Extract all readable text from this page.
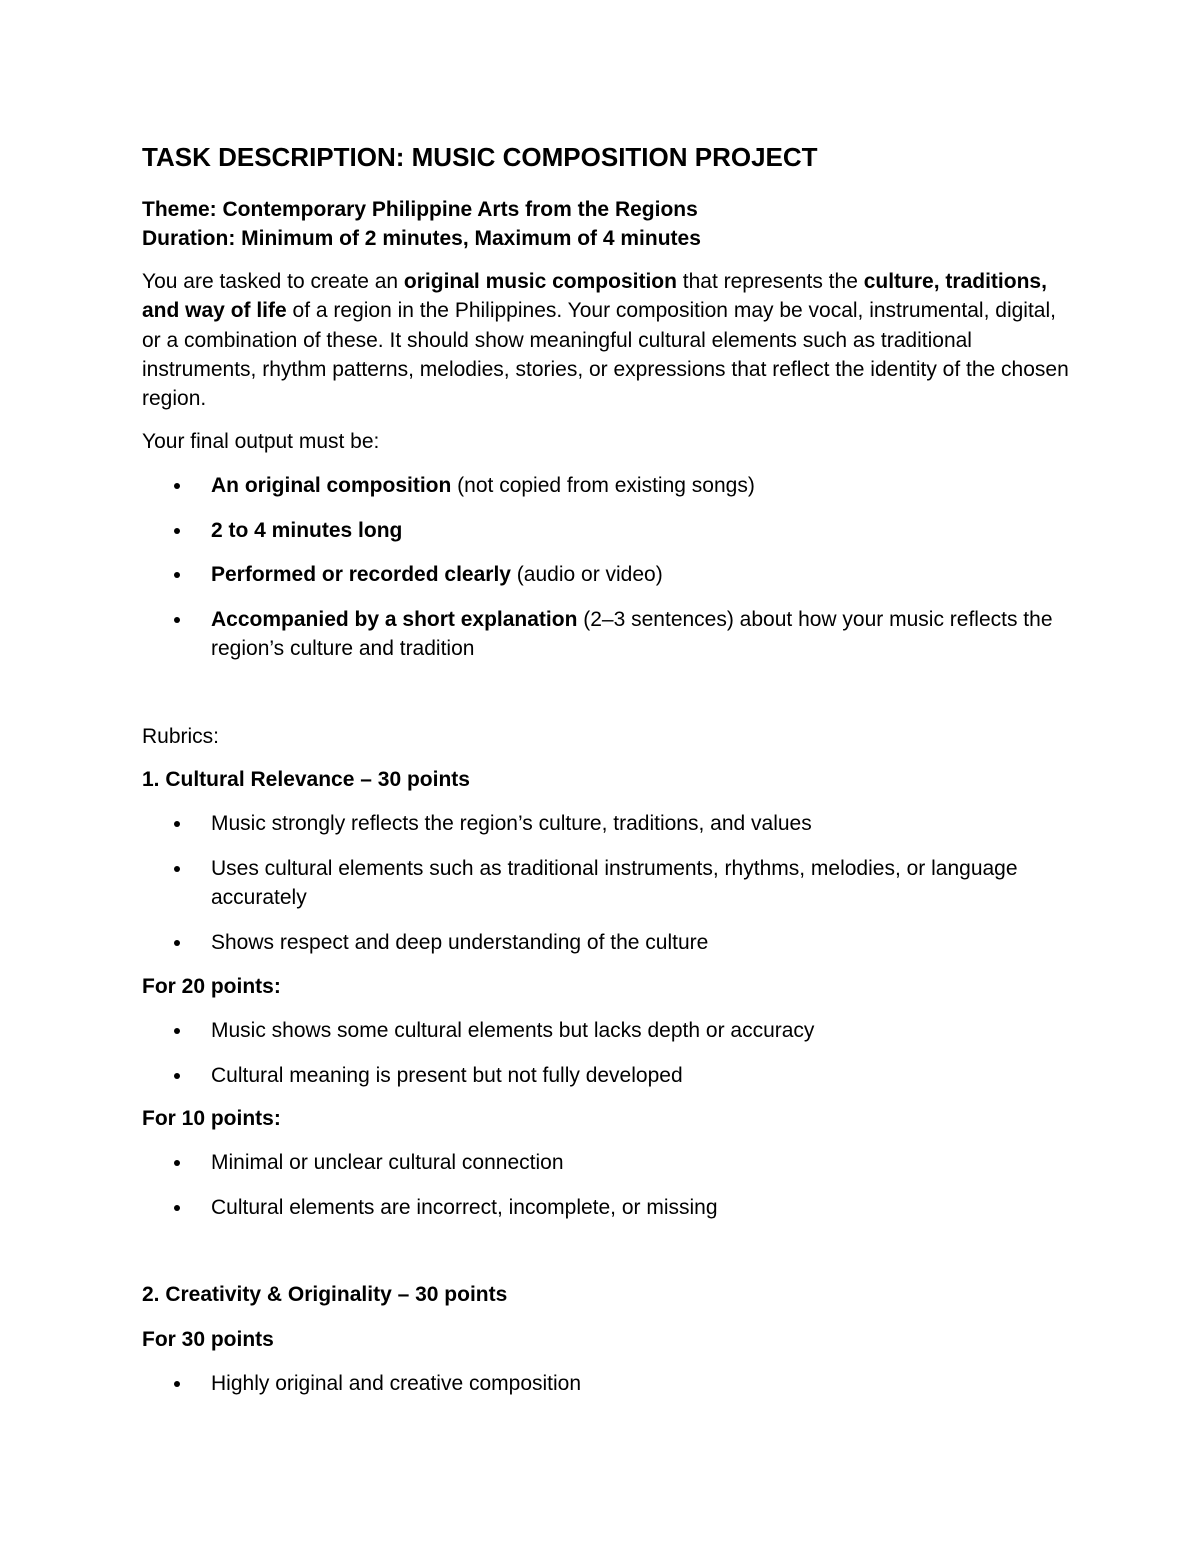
TASK DESCRIPTION: MUSIC COMPOSITION PROJECT
Theme: Contemporary Philippine Arts from the Regions
Duration: Minimum of 2 minutes, Maximum of 4 minutes

You are tasked to create an original music composition that represents the culture, traditions, and way of life of a region in the Philippines. Your composition may be vocal, instrumental, digital, or a combination of these. It should show meaningful cultural elements such as traditional instruments, rhythm patterns, melodies, stories, or expressions that reflect the identity of the chosen region.

Your final output must be:

An original composition (not copied from existing songs)
2 to 4 minutes long
Performed or recorded clearly (audio or video)
Accompanied by a short explanation (2–3 sentences) about how your music reflects the region’s culture and tradition

Rubrics:

1. Cultural Relevance – 30 points
Music strongly reflects the region’s culture, traditions, and values
Uses cultural elements such as traditional instruments, rhythms, melodies, or language accurately
Shows respect and deep understanding of the culture
For 20 points:
Music shows some cultural elements but lacks depth or accuracy
Cultural meaning is present but not fully developed
For 10 points:
Minimal or unclear cultural connection
Cultural elements are incorrect, incomplete, or missing
2. Creativity & Originality – 30 points
For 30 points
Highly original and creative composition
